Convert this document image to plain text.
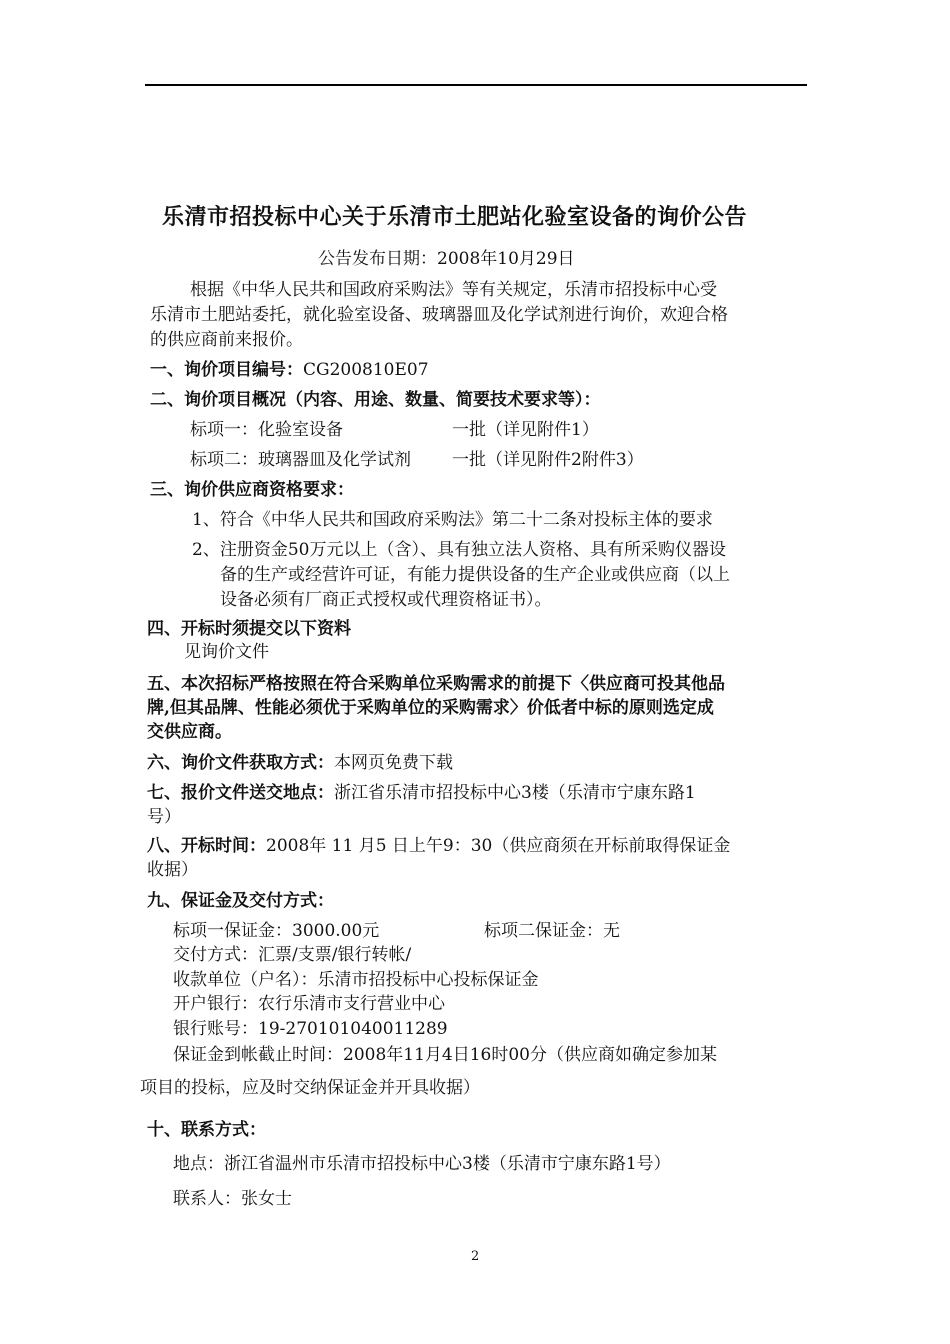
乐清市招投标中心关于乐清市土肥站化验室设备的询价公告
公告发布日期：2008年10月29日
根据《中华人民共和国政府采购法》等有关规定，乐清市招投标中心受
乐清市土肥站委托，就化验室设备、玻璃器皿及化学试剂进行询价，欢迎合格
的供应商前来报价。
一、询价项目编号：CG200810E07
二、询价项目概况（内容、用途、数量、简要技术要求等）：
标项一：化验室设备	一批（详见附件1）
标项二：玻璃器皿及化学试剂 一批（详见附件2附件3）
三、询价供应商资格要求：
1、符合《中华人民共和国政府采购法》第二十二条对投标主体的要求
2、注册资金50万元以上（含）、具有独立法人资格、具有所采购仪器设
备的生产或经营许可证，有能力提供设备的生产企业或供应商（以上
设备必须有厂商正式授权或代理资格证书）。
四、开标时须提交以下资料
见询价文件
五、本次招标严格按照在符合采购单位采购需求的前提下〈供应商可投其他品
牌,但其品牌、性能必须优于采购单位的采购需求〉价低者中标的原则选定成
交供应商。
六、询价文件获取方式：本网页免费下载
七、报价文件送交地点：浙江省乐清市招投标中心3楼（乐清市宁康东路1
号）
八、开标时间：2008年 11 月5 日上午9：30（供应商须在开标前取得保证金
收据）
九、保证金及交付方式：
标项一保证金：3000.00元	标项二保证金：无
交付方式：汇票/支票/银行转帐/
收款单位（户名）：乐清市招投标中心投标保证金
开户银行：农行乐清市支行营业中心
银行账号：19-270101040011289
保证金到帐截止时间：2008年11月4日16时00分（供应商如确定参加某
项目的投标，应及时交纳保证金并开具收据）
十、联系方式：
地点：浙江省温州市乐清市招投标中心3楼（乐清市宁康东路1号）
联系人：张女士
2
